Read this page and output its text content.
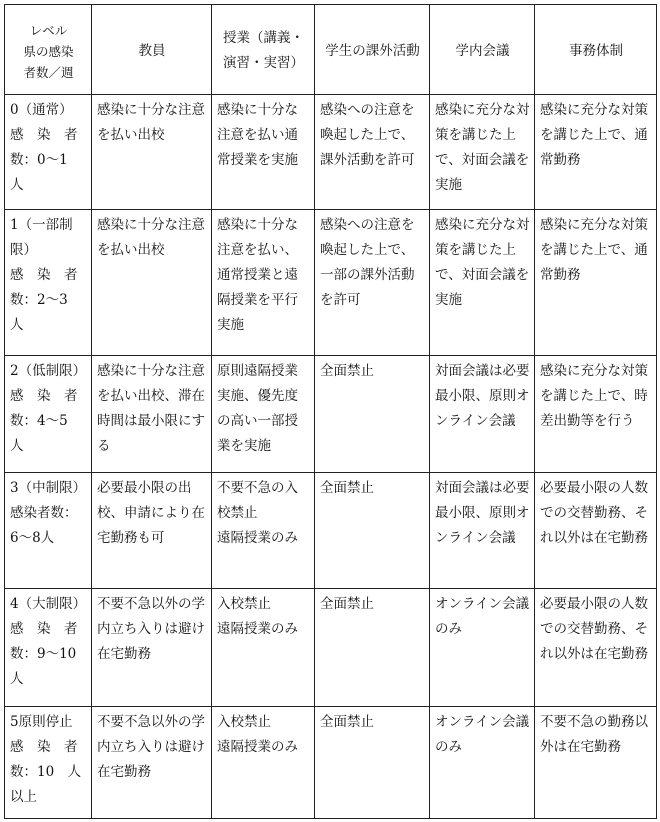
レベル
県の感染
者数／週	教員	授業（講義・
演習・実習）	学生の課外活動	学内会議	事務体制

0（通常）
感　染　者
数：0～1
人	感染に十分な注意を払い出校	感染に十分な注意を払い通常授業を実施	感染への注意を喚起した上で、課外活動を許可	感染に充分な対策を講じた上で、対面会議を実施	感染に充分な対策を講じた上で、通常勤務

1（一部制
限）
感　染　者
数：2～3
人	感染に十分な注意を払い出校	感染に十分な注意を払い、通常授業と遠隔授業を平行実施	感染への注意を喚起した上で、一部の課外活動を許可	感染に充分な対策を講じた上で、対面会議を実施	感染に充分な対策を講じた上で、通常勤務

2（低制限）
感　染　者
数：4～5
人	感染に十分な注意を払い出校、滞在時間は最小限にする	原則遠隔授業実施、優先度の高い一部授業を実施	全面禁止	対面会議は必要最小限、原則オンライン会議	感染に充分な対策を講じた上で、時差出勤等を行う

3（中制限）
感染者数：
6～8人	必要最小限の出校、申請により在宅勤務も可	不要不急の入校禁止
遠隔授業のみ	全面禁止	対面会議は必要最小限、原則オンライン会議	必要最小限の人数での交替勤務、それ以外は在宅勤務

4（大制限）
感　染　者
数：9～10
人	不要不急以外の学内立ち入りは避け在宅勤務	入校禁止
遠隔授業のみ	全面禁止	オンライン会議のみ	必要最小限の人数での交替勤務、それ以外は在宅勤務

5原則停止
感　染　者
数：10　人
以上	不要不急以外の学内立ち入りは避け在宅勤務	入校禁止
遠隔授業のみ	全面禁止	オンライン会議のみ	不要不急の勤務以外は在宅勤務
